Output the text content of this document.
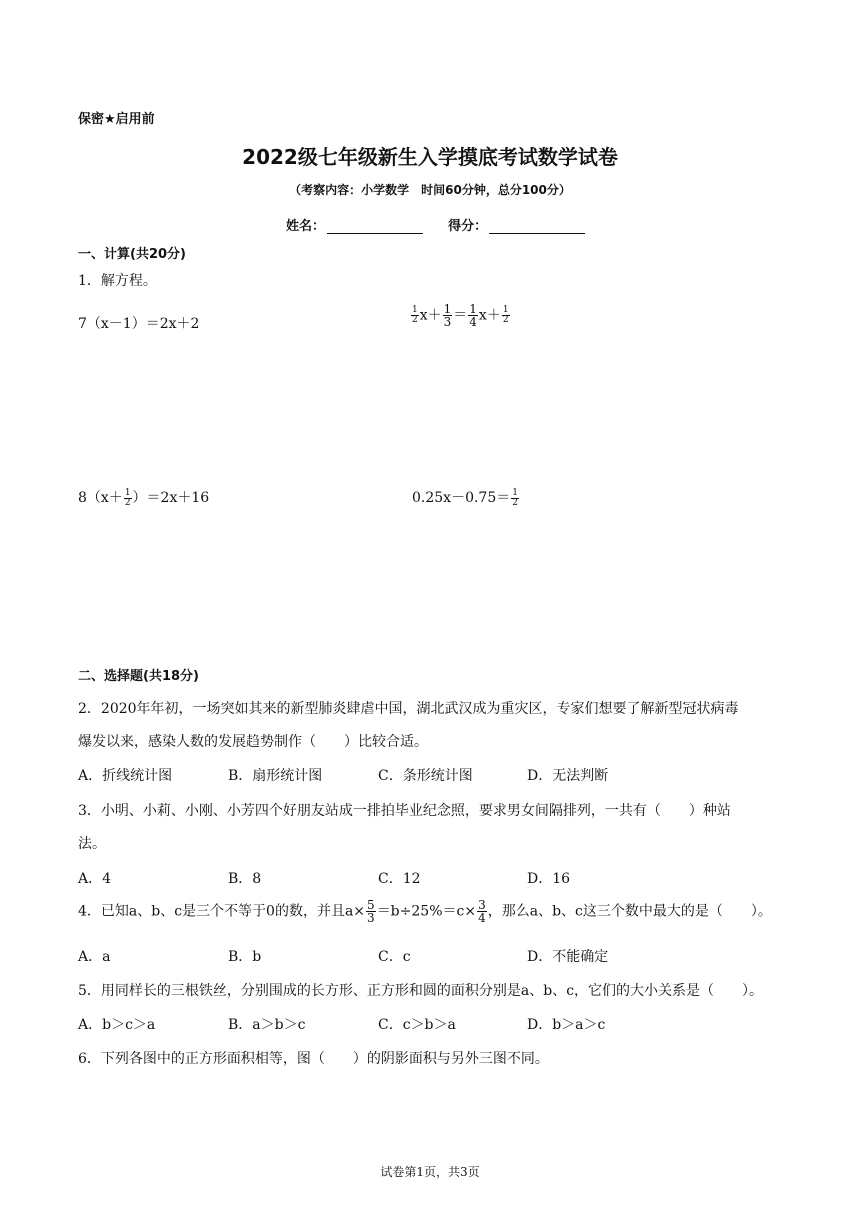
保密★启用前
2022级七年级新生入学摸底考试数学试卷
（考察内容：小学数学　时间60分钟，总分100分）
姓名：	得分：
一、计算(共20分)
1．解方程。
7（x－1）＝2x＋2	$\frac{1}{2} x+ \frac{1}{3} = \frac{1}{4} x+ \frac{1}{2}$
$8(x+ \frac{1}{2} )=2x+16$	$0.25x-0.75= \frac{1}{2}$
二、选择题(共18分)
2．2020年年初，一场突如其来的新型肺炎肆虐中国，湖北武汉成为重灾区，专家们想要了解新型冠状病毒
爆发以来，感染人数的发展趋势制作（　　）比较合适。
A．折线统计图	B．扇形统计图	C．条形统计图	D．无法判断
3．小明、小莉、小刚、小芳四个好朋友站成一排拍毕业纪念照，要求男女间隔排列，一共有（　　）种站
法。
A．4	B．8	C．12	D．16
4．已知a、b、c是三个不等于0的数，并且$a\times \frac{5}{3} =b\div 25\%=c\times \frac{3}{4}$ ，那么a、b、c这三个数中最大的是（　　）。
A．a	B．b	C．c	D．不能确定
5．用同样长的三根铁丝，分别围成的长方形、正方形和圆的面积分别是a、b、c，它们的大小关系是（　　）。
A．b＞c＞a	B．a＞b＞c	C．c＞b＞a	D．b＞a＞c
6．下列各图中的正方形面积相等，图（　　）的阴影面积与另外三图不同。
试卷第1页，共3页
